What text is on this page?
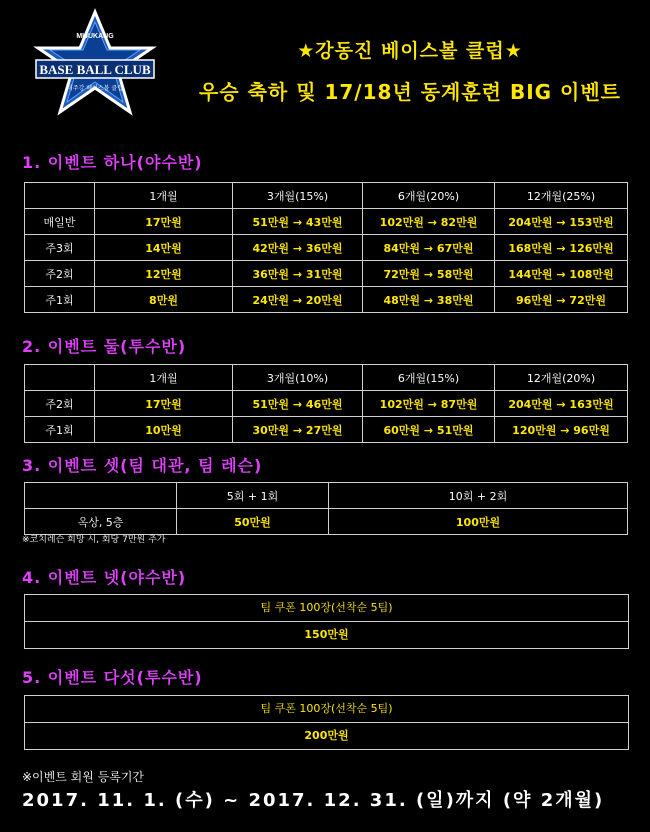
MIJUKANG
BASE BALL CLUB
미주강 베이스볼 클럽
★강동진 베이스볼 클럽★
우승 축하 및 17/18년 동계훈련 BIG 이벤트
1. 이벤트 하나(야수반)
	1개월	3개월(15%)	6개월(20%)	12개월(25%)
매일반	17만원	51만원 → 43만원	102만원 → 82만원	204만원 → 153만원
주3회	14만원	42만원 → 36만원	84만원 → 67만원	168만원 → 126만원
주2회	12만원	36만원 → 31만원	72만원 → 58만원	144만원 → 108만원
주1회	8만원	24만원 → 20만원	48만원 → 38만원	96만원 → 72만원
2. 이벤트 둘(투수반)
	1개월	3개월(10%)	6개월(15%)	12개월(20%)
주2회	17만원	51만원 → 46만원	102만원 → 87만원	204만원 → 163만원
주1회	10만원	30만원 → 27만원	60만원 → 51만원	120만원 → 96만원
3. 이벤트 셋(팀 대관, 팀 레슨)
	5회 + 1회	10회 + 2회
옥상, 5층	50만원	100만원
※코치레슨 희망 시, 회당 7만원 추가
4. 이벤트 넷(야수반)
팀 쿠폰 100장(선착순 5팀)
150만원
5. 이벤트 다섯(투수반)
팀 쿠폰 100장(선착순 5팀)
200만원
※이벤트 회원 등록기간
2017. 11. 1. (수) ~ 2017. 12. 31. (일)까지 (약 2개월)
